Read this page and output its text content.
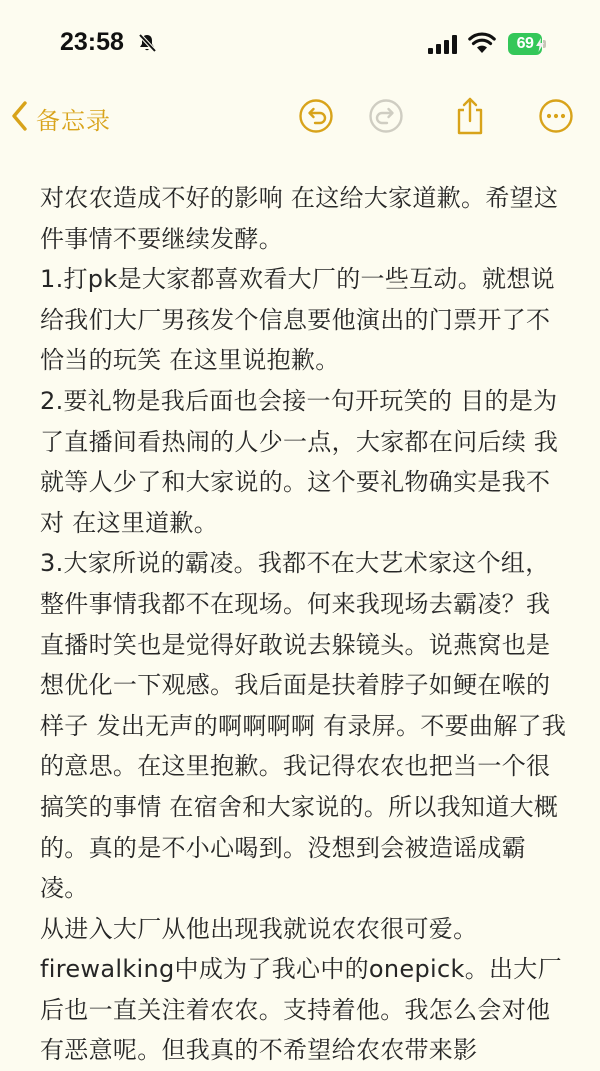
23:58	69
备忘录

对农农造成不好的影响 在这给大家道歉。希望这件事情不要继续发酵。

1.打pk是大家都喜欢看大厂的一些互动。就想说给我们大厂男孩发个信息要他演出的门票开了不恰当的玩笑 在这里说抱歉。

2.要礼物是我后面也会接一句开玩笑的 目的是为了直播间看热闹的人少一点，大家都在问后续 我就等人少了和大家说的。这个要礼物确实是我不对 在这里道歉。

3.大家所说的霸凌。我都不在大艺术家这个组，整件事情我都不在现场。何来我现场去霸凌？我直播时笑也是觉得好敢说去躲镜头。说燕窝也是想优化一下观感。我后面是扶着脖子如鲠在喉的样子 发出无声的啊啊啊啊 有录屏。不要曲解了我的意思。在这里抱歉。我记得农农也把当一个很搞笑的事情 在宿舍和大家说的。所以我知道大概的。真的是不小心喝到。没想到会被造谣成霸凌。

从进入大厂从他出现我就说农农很可爱。firewalking中成为了我心中的onepick。出大厂后也一直关注着农农。支持着他。我怎么会对他有恶意呢。但我真的不希望给农农带来影
